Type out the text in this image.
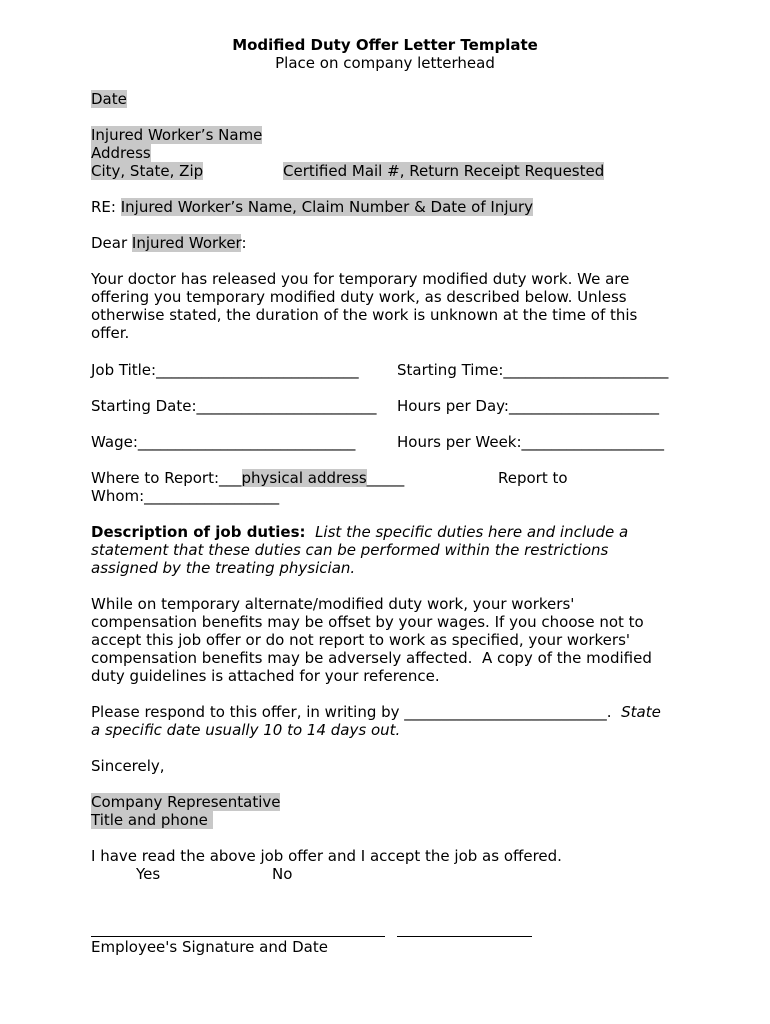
Modified Duty Offer Letter Template
Place on company letterhead
Date
Injured Worker’s Name
Address
City, State, Zip	Certified Mail #, Return Receipt Requested
RE: Injured Worker’s Name, Claim Number & Date of Injury
Dear Injured Worker:
Your doctor has released you for temporary modified duty work. We are
offering you temporary modified duty work, as described below. Unless
otherwise stated, the duration of the work is unknown at the time of this
offer.
Job Title:___________________________	Starting Time:______________________
Starting Date:________________________ Hours per Day:____________________
Wage:_____________________________	Hours per Week:___________________
Where to Report:___physical address_____	Report to
Whom:__________________
Description of job duties: List the specific duties here and include a
statement that these duties can be performed within the restrictions
assigned by the treating physician.
While on temporary alternate/modified duty work, your workers'
compensation benefits may be offset by your wages. If you choose not to
accept this job offer or do not report to work as specified, your workers'
compensation benefits may be adversely affected.  A copy of the modified
duty guidelines is attached for your reference.
Please respond to this offer, in writing by ___________________________. State
a specific date usually 10 to 14 days out.
Sincerely,
Company Representative
Title and phone
I have read the above job offer and I accept the job as offered.
Yes	No
Employee's Signature and Date
